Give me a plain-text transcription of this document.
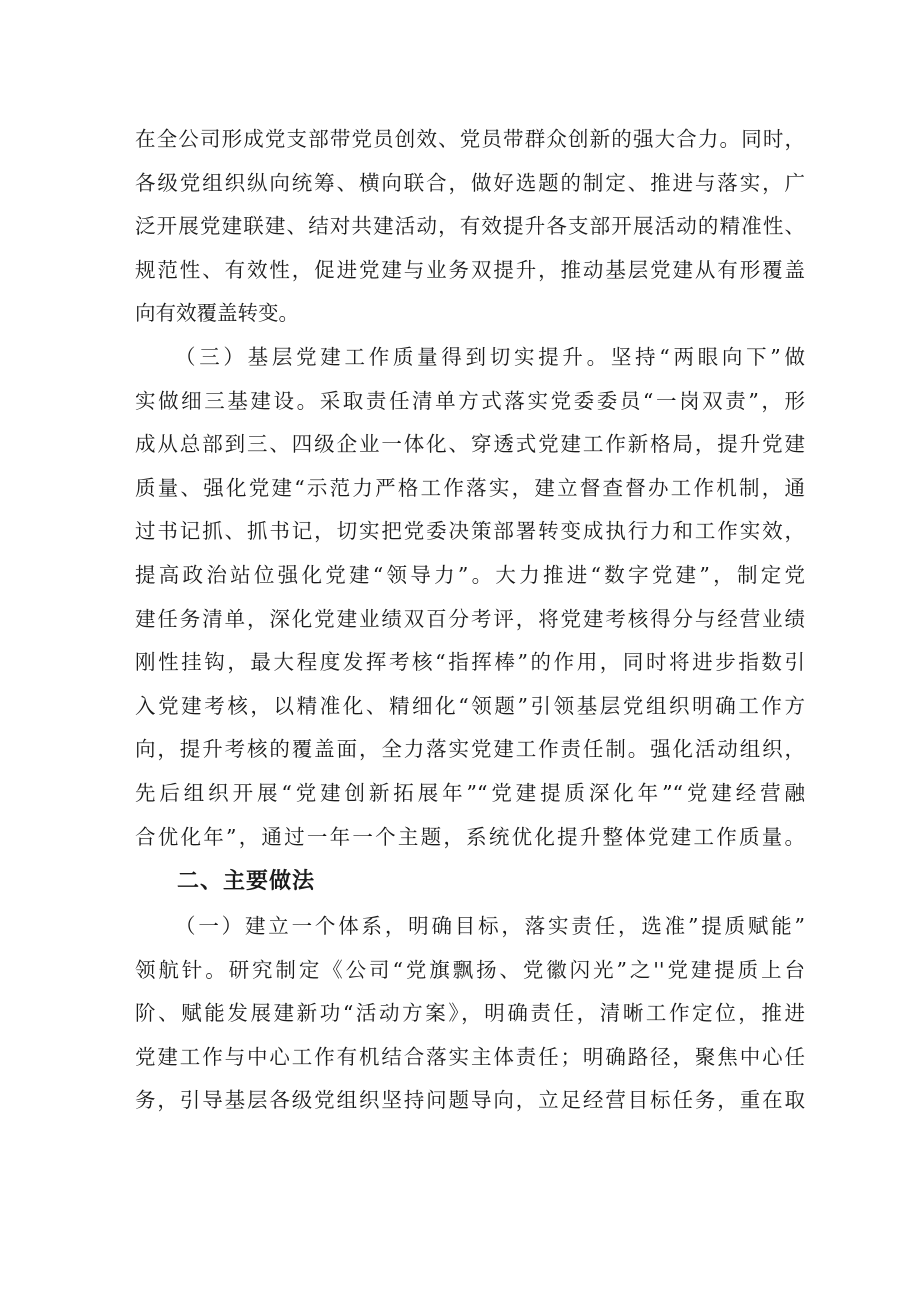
在全公司形成党支部带党员创效、党员带群众创新的强大合力。同时，
各级党组织纵向统筹、横向联合，做好选题的制定、推进与落实，广
泛开展党建联建、结对共建活动，有效提升各支部开展活动的精准性、
规范性、有效性，促进党建与业务双提升，推动基层党建从有形覆盖
向有效覆盖转变。
（三）基层党建工作质量得到切实提升。坚持“两眼向下”做
实做细三基建设。采取责任清单方式落实党委委员“一岗双责”，形
成从总部到三、四级企业一体化、穿透式党建工作新格局，提升党建
质量、强化党建“示范力严格工作落实，建立督查督办工作机制，通
过书记抓、抓书记，切实把党委决策部署转变成执行力和工作实效，
提高政治站位强化党建“领导力”。大力推进“数字党建”，制定党
建任务清单，深化党建业绩双百分考评，将党建考核得分与经营业绩
刚性挂钩，最大程度发挥考核“指挥棒”的作用，同时将进步指数引
入党建考核，以精准化、精细化“领题”引领基层党组织明确工作方
向，提升考核的覆盖面，全力落实党建工作责任制。强化活动组织，
先后组织开展“党建创新拓展年”“党建提质深化年”“党建经营融
合优化年”，通过一年一个主题，系统优化提升整体党建工作质量。
二、主要做法
（一）建立一个体系，明确目标，落实责任，选准”提质赋能”
领航针。研究制定《公司“党旗飘扬、党徽闪光”之''党建提质上台
阶、赋能发展建新功“活动方案》，明确责任，清晰工作定位，推进
党建工作与中心工作有机结合落实主体责任；明确路径，聚焦中心任
务，引导基层各级党组织坚持问题导向，立足经营目标任务，重在取
